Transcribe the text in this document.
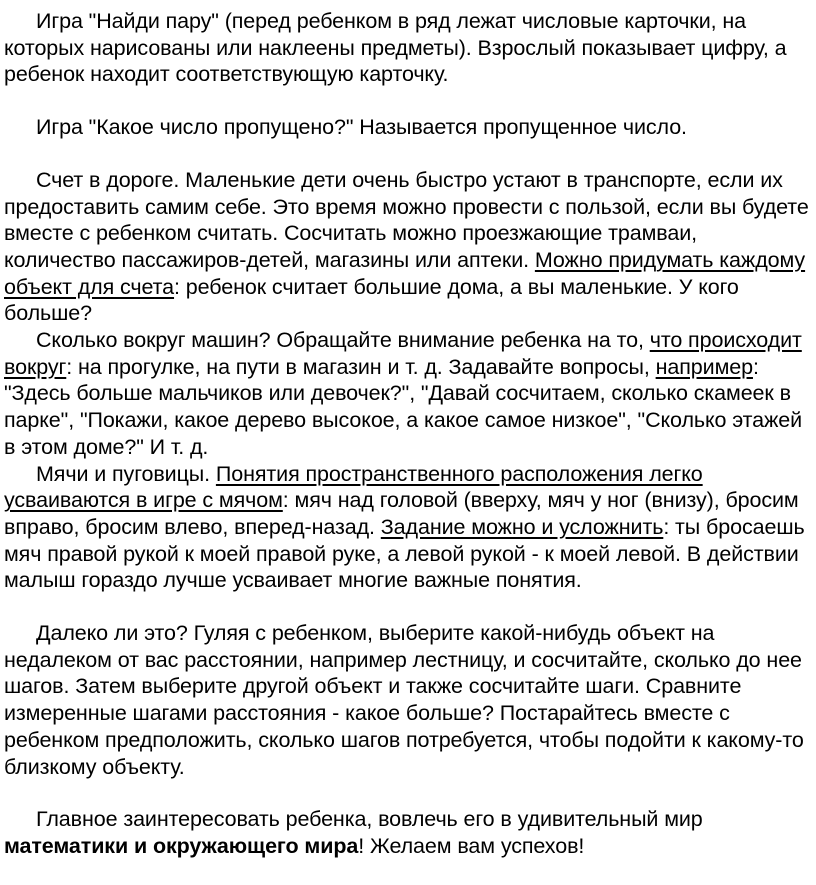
Игра "Найди пару" (перед ребенком в ряд лежат числовые карточки, на которых нарисованы или наклеены предметы). Взрослый показывает цифру, а ребенок находит соответствующую карточку.

Игра "Какое число пропущено?" Называется пропущенное число.

Счет в дороге. Маленькие дети очень быстро устают в транспорте, если их предоставить самим себе. Это время можно провести с пользой, если вы будете вместе с ребенком считать. Сосчитать можно проезжающие трамваи, количество пассажиров-детей, магазины или аптеки. Можно придумать каждому объект для счета: ребенок считает большие дома, а вы маленькие. У кого больше?

Сколько вокруг машин? Обращайте внимание ребенка на то, что происходит вокруг: на прогулке, на пути в магазин и т. д. Задавайте вопросы, например: "Здесь больше мальчиков или девочек?", "Давай сосчитаем, сколько скамеек в парке", "Покажи, какое дерево высокое, а какое самое низкое", "Сколько этажей в этом доме?" И т. д.

Мячи и пуговицы. Понятия пространственного расположения легко усваиваются в игре с мячом: мяч над головой (вверху, мяч у ног (внизу), бросим вправо, бросим влево, вперед-назад. Задание можно и усложнить: ты бросаешь мяч правой рукой к моей правой руке, а левой рукой - к моей левой. В действии малыш гораздо лучше усваивает многие важные понятия.

Далеко ли это? Гуляя с ребенком, выберите какой-нибудь объект на недалеком от вас расстоянии, например лестницу, и сосчитайте, сколько до нее шагов. Затем выберите другой объект и также сосчитайте шаги. Сравните измеренные шагами расстояния - какое больше? Постарайтесь вместе с ребенком предположить, сколько шагов потребуется, чтобы подойти к какому-то близкому объекту.

Главное заинтересовать ребенка, вовлечь его в удивительный мир математики и окружающего мира! Желаем вам успехов!
